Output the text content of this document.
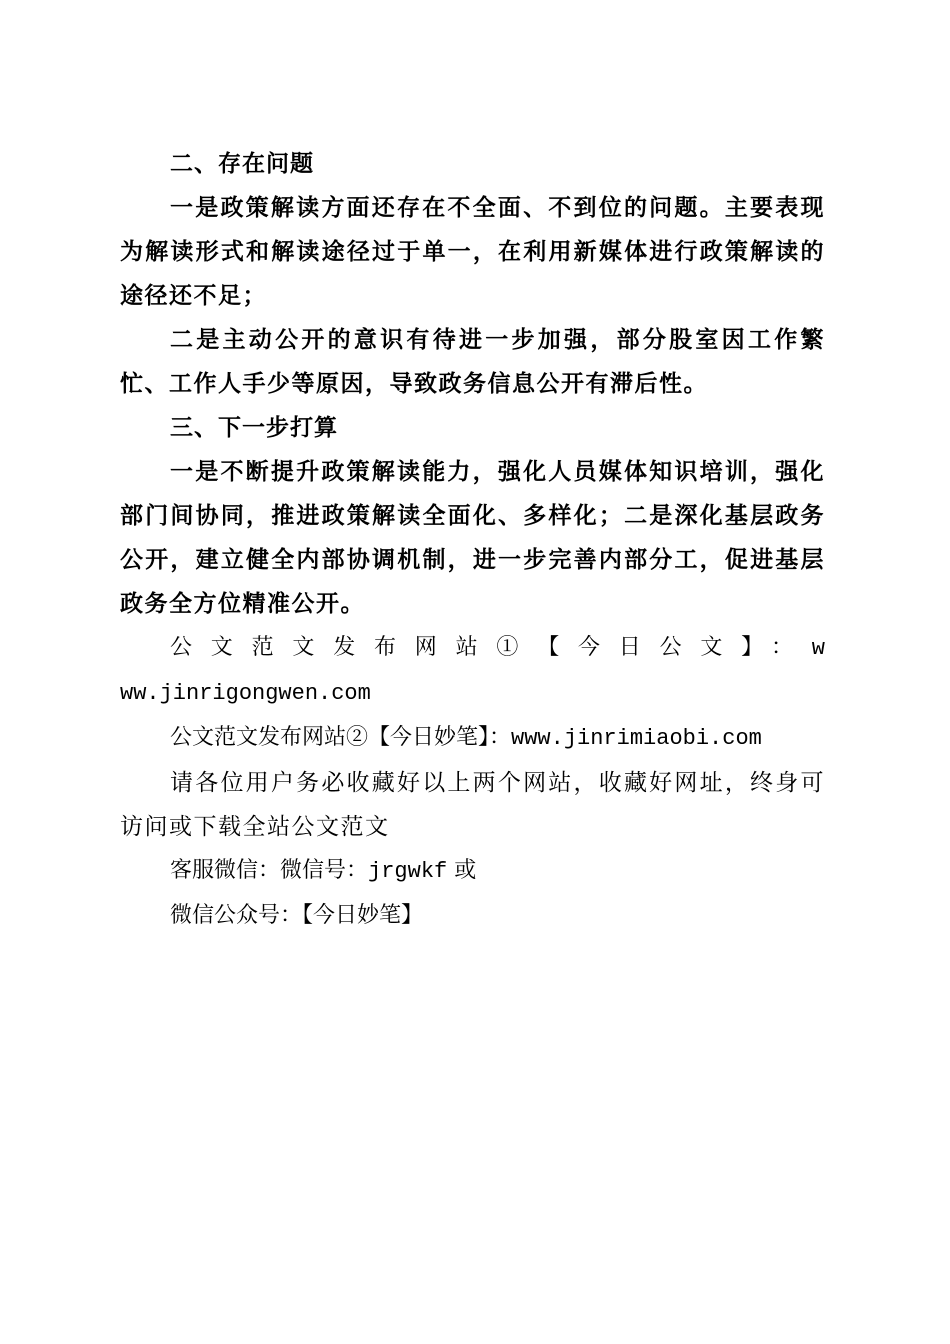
二、存在问题

一是政策解读方面还存在不全面、不到位的问题。主要表现为解读形式和解读途径过于单一，在利用新媒体进行政策解读的途径还不足；

二是主动公开的意识有待进一步加强，部分股室因工作繁忙、工作人手少等原因，导致政务信息公开有滞后性。

三、下一步打算

一是不断提升政策解读能力，强化人员媒体知识培训，强化部门间协同，推进政策解读全面化、多样化；二是深化基层政务公开，建立健全内部协调机制，进一步完善内部分工，促进基层政务全方位精准公开。

公文范文发布网站①【今日公文】：www.jinrigongwen.com

公文范文发布网站②【今日妙笔】：www.jinrimiaobi.com

请各位用户务必收藏好以上两个网站，收藏好网址，终身可访问或下载全站公文范文

客服微信：微信号：jrgwkf 或

微信公众号：【今日妙笔】
